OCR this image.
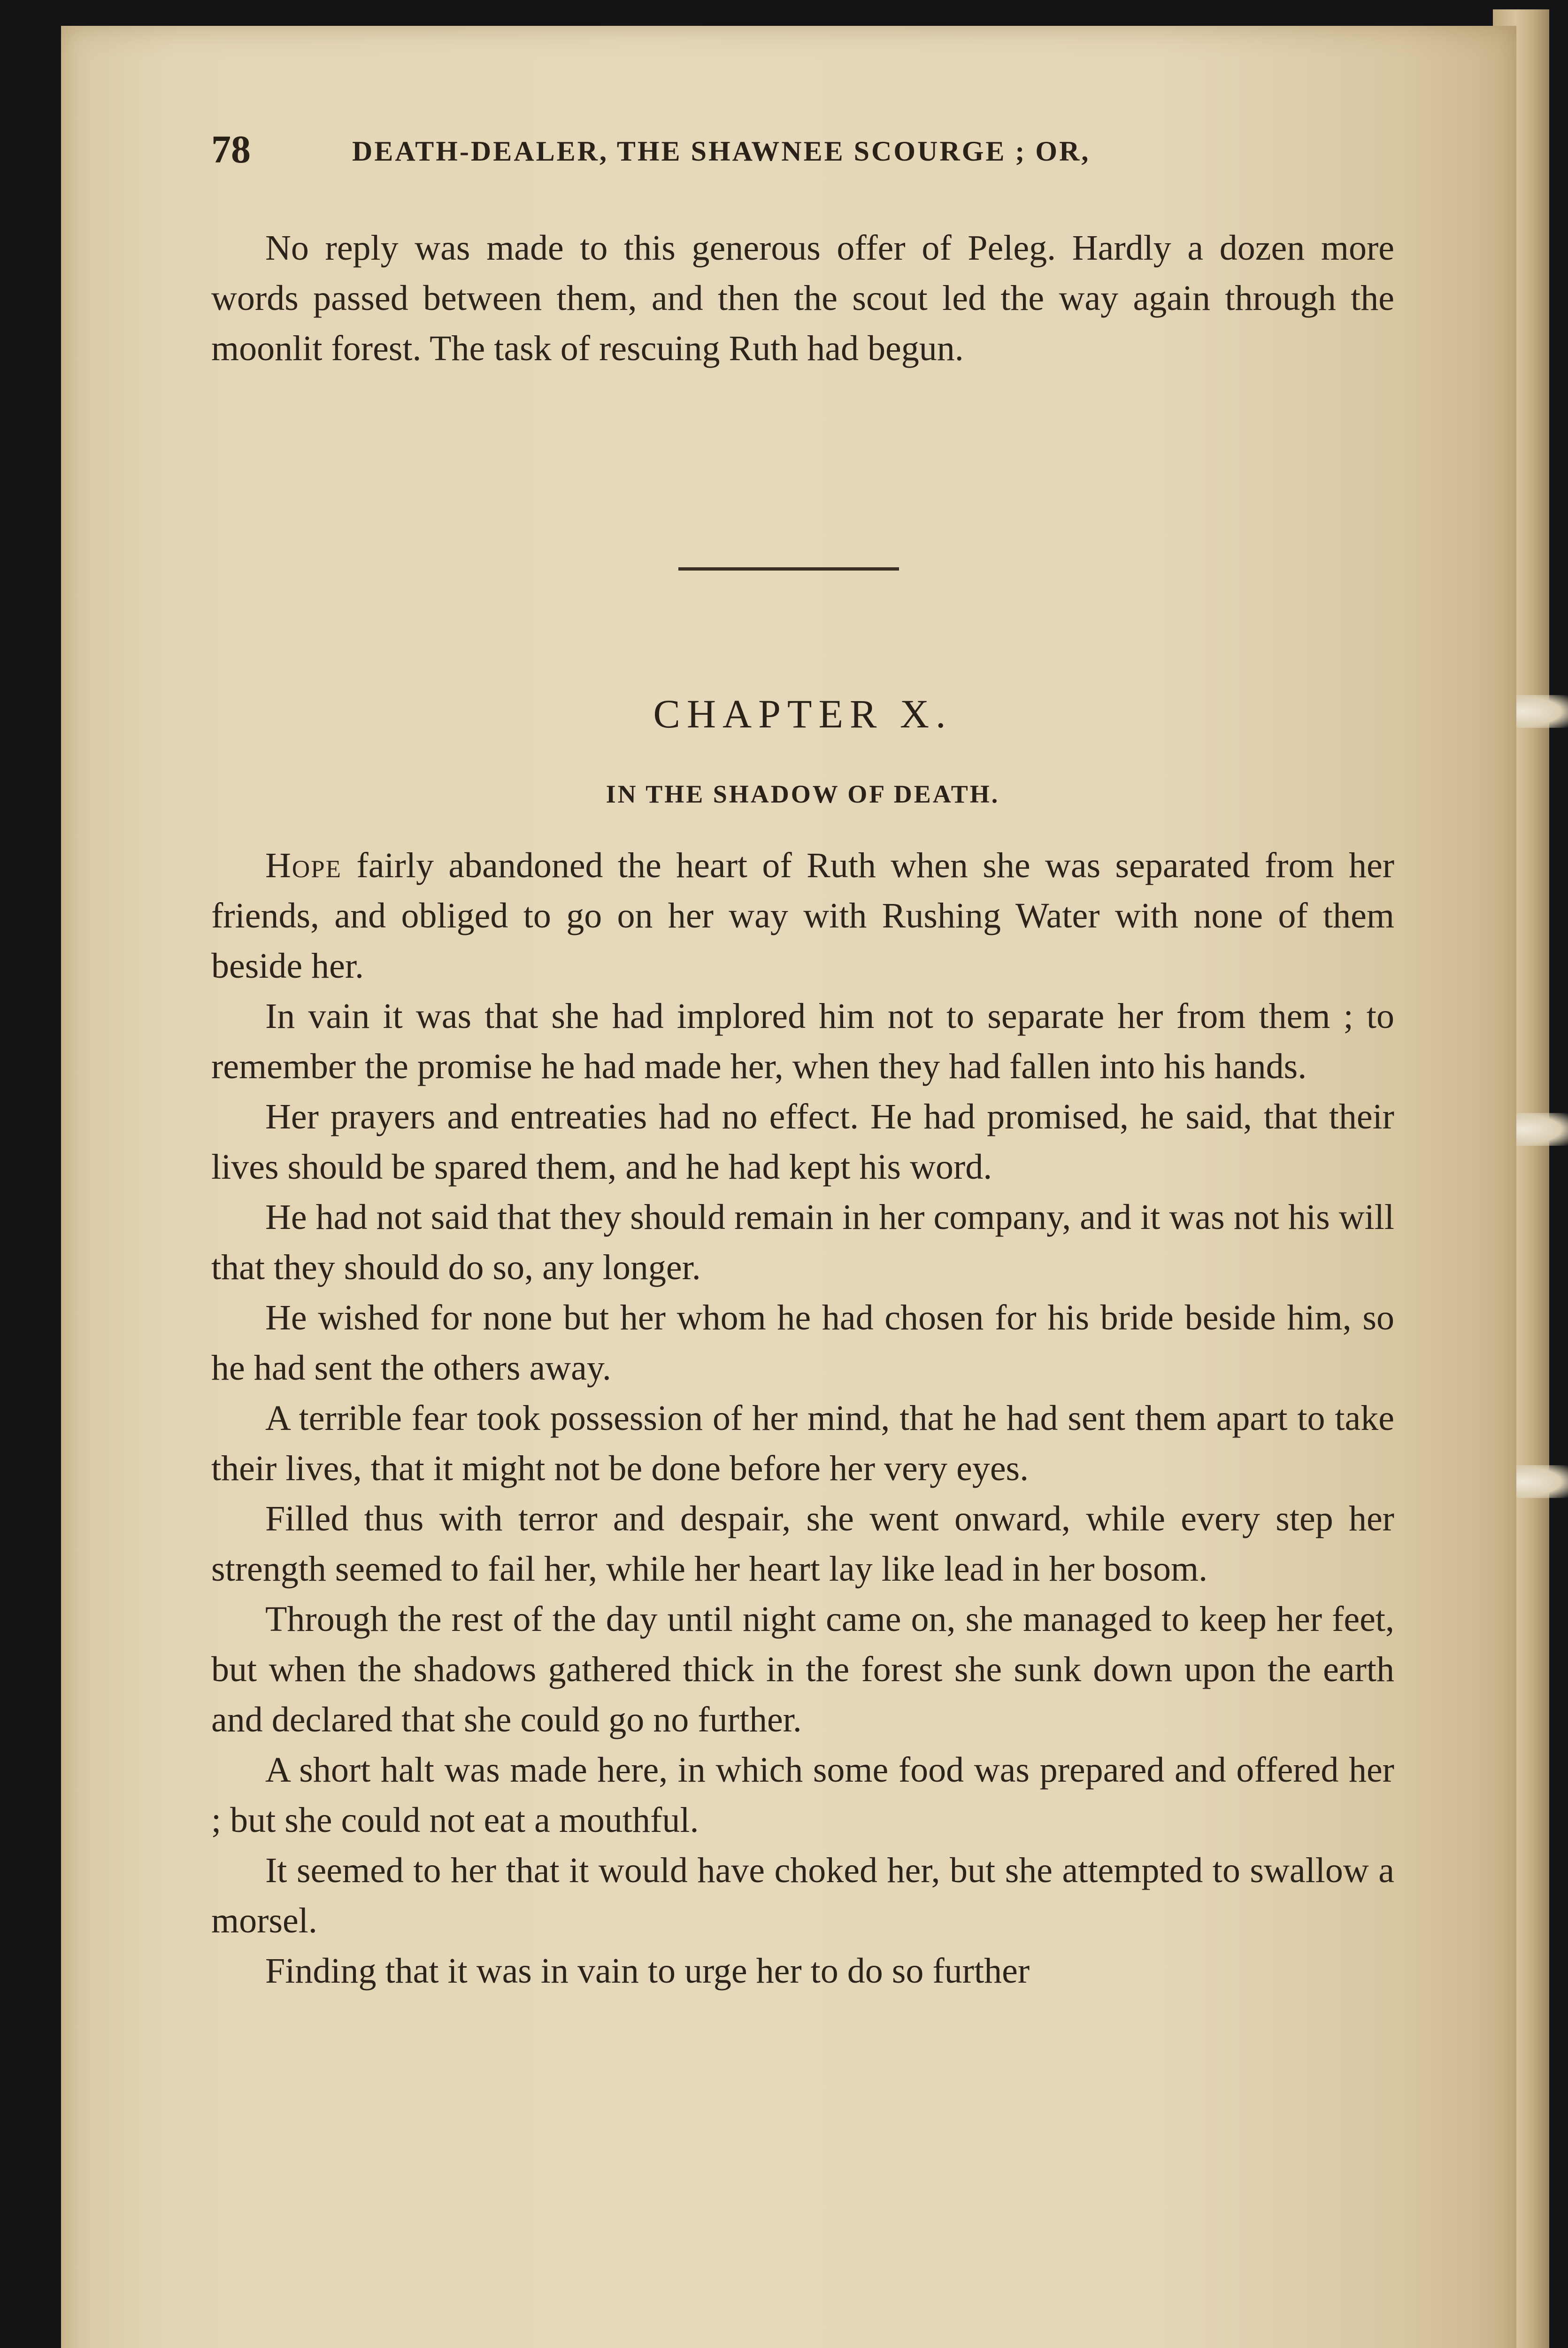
78	DEATH-DEALER, THE SHAWNEE SCOURGE ; OR,

No reply was made to this generous offer of Peleg. Hardly a dozen more words passed between them, and then the scout led the way again through the moonlit forest. The task of rescuing Ruth had begun.

CHAPTER X.
IN THE SHADOW OF DEATH.

Hope fairly abandoned the heart of Ruth when she was separated from her friends, and obliged to go on her way with Rushing Water with none of them beside her.

In vain it was that she had implored him not to separate her from them ; to remember the promise he had made her, when they had fallen into his hands.

Her prayers and entreaties had no effect. He had promised, he said, that their lives should be spared them, and he had kept his word.

He had not said that they should remain in her company, and it was not his will that they should do so, any longer.

He wished for none but her whom he had chosen for his bride beside him, so he had sent the others away.

A terrible fear took possession of her mind, that he had sent them apart to take their lives, that it might not be done before her very eyes.

Filled thus with terror and despair, she went onward, while every step her strength seemed to fail her, while her heart lay like lead in her bosom.

Through the rest of the day until night came on, she managed to keep her feet, but when the shadows gathered thick in the forest she sunk down upon the earth and declared that she could go no further.

A short halt was made here, in which some food was prepared and offered her ; but she could not eat a mouthful.

It seemed to her that it would have choked her, but she attempted to swallow a morsel.

Finding that it was in vain to urge her to do so further
